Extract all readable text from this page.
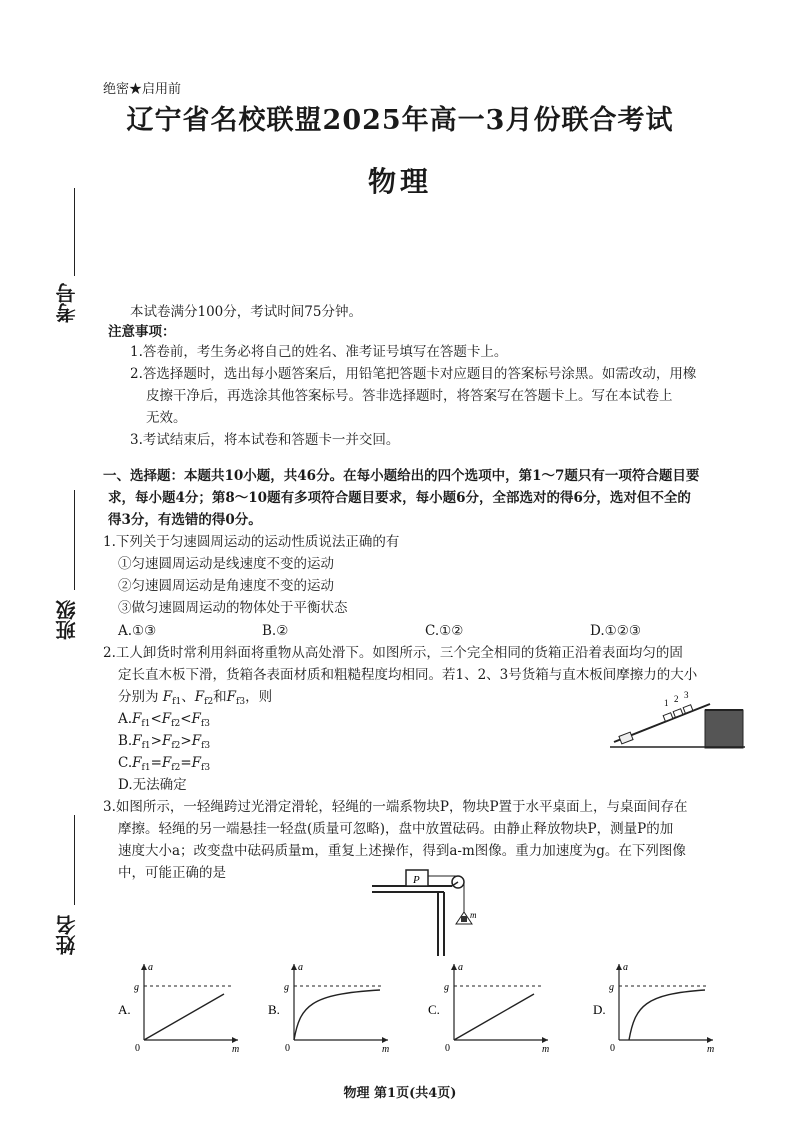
绝密★启用前
辽宁省名校联盟2025年高一3月份联合考试
物理
考号
班级
姓名
本试卷满分100分，考试时间75分钟。
注意事项：
1.答卷前，考生务必将自己的姓名、准考证号填写在答题卡上。
2.答选择题时，选出每小题答案后，用铅笔把答题卡对应题目的答案标号涂黑。如需改动，用橡
皮擦干净后，再选涂其他答案标号。答非选择题时，将答案写在答题卡上。写在本试卷上
无效。
3.考试结束后，将本试卷和答题卡一并交回。
一、选择题：本题共10小题，共46分。在每小题给出的四个选项中，第1～7题只有一项符合题目要
求，每小题4分；第8～10题有多项符合题目要求，每小题6分，全部选对的得6分，选对但不全的
得3分，有选错的得0分。
1.下列关于匀速圆周运动的运动性质说法正确的有
①匀速圆周运动是线速度不变的运动
②匀速圆周运动是角速度不变的运动
③做匀速圆周运动的物体处于平衡状态
A.①③	B.②	C.①②	D.①②③
2.工人卸货时常利用斜面将重物从高处滑下。如图所示，三个完全相同的货箱正沿着表面均匀的固
定长直木板下滑，货箱各表面材质和粗糙程度均相同。若1、2、3号货箱与直木板间摩擦力的大小
分别为 $F_{f1}$、$F_{f2}$和$F_{f3}$，则
$A.F_{f1}<F_{f2}<F_{f3}$
$B.F_{f1}>F_{f2}>F_{f3}$
$C.F_{f1}=F_{f2}=F_{f3}$
D.无法确定
1 2 3
3.如图所示，一轻绳跨过光滑定滑轮，轻绳的一端系物块P，物块P置于水平桌面上，与桌面间存在
摩擦。轻绳的另一端悬挂一轻盘(质量可忽略)，盘中放置砝码。由静止释放物块P，测量P的加
速度大小a；改变盘中砝码质量m，重复上述操作，得到a-m图像。重力加速度为g。在下列图像
中，可能正确的是	P
m
a
g
0	m
A.
a
g
0	m
B.
a
g
0	m
C.
a
g
0	m
D.
物理 第1页(共4页)
